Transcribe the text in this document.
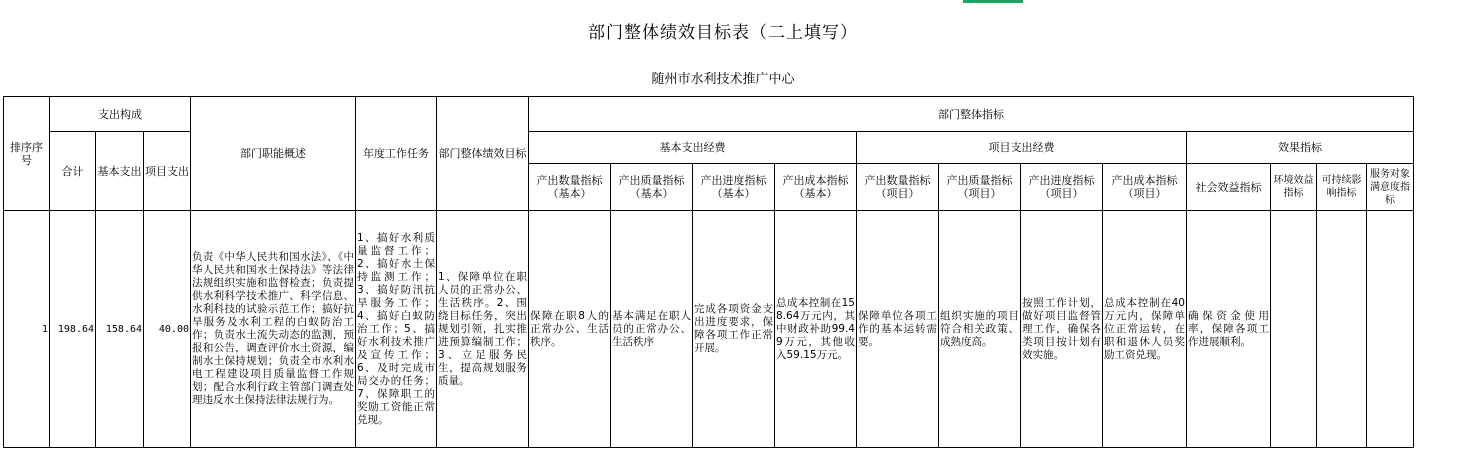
部门整体绩效目标表（二上填写）
随州市水利技术推广中心
排序序号	支出构成			部门职能概述	年度工作任务	部门整体绩效目标	部门整体指标											
	合计	基本支出	项目支出				基本支出经费				项目支出经费				效果指标			
							产出数量指标（基本）	产出质量指标（基本）	产出进度指标（基本）	产出成本指标（基本）	产出数量指标（项目）	产出质量指标（项目）	产出进度指标（项目）	产出成本指标（项目）	社会效益指标	环境效益指标	可持续影响指标	服务对象满意度指标
1	198.64	158.64	40.00	负责《中华人民共和国水法》、《中华人民共和国水土保持法》等法律法规组织实施和监督检查；负责提供水利科学技术推广、科学信息、水利科技的试验示范工作；搞好抗旱服务及水利工程的白蚁防治工作；负责水土流失动态的监测，预报和公告，调查评价水土资源，编制水土保持规划；负责全市水利水电工程建设项目质量监督工作规划；配合水利行政主管部门调查处理违反水土保持法律法规行为。	1、搞好水利质量监督工作；2、搞好水土保持监测工作；3、搞好防汛抗旱服务工作；4、搞好白蚁防治工作；5、搞好水利技术推广及宣传工作；6、及时完成市局交办的任务；7、保障职工的奖励工资能正常兑现。	1、保障单位在职人员的正常办公、生活秩序。2、围绕目标任务，突出规划引领，扎实推进预算编制工作；3、立足服务民生，提高规划服务质量。	保障在职8人的正常办公、生活秩序。	基本满足在职人员的正常办公、生活秩序	完成各项资金支出进度要求，保障各项工作正常开展。	总成本控制在158.64万元内，其中财政补助99.49万元，其他收入59.15万元。	保障单位各项工作的基本运转需要。	组织实施的项目符合相关政策、成熟度高。	按照工作计划，做好项目监督管理工作，确保各类项目按计划有效实施。	总成本控制在40万元内，保障单位正常运转，在职和退休人员奖励工资兑现。	确保资金使用率，保障各项工作进展顺利。			
